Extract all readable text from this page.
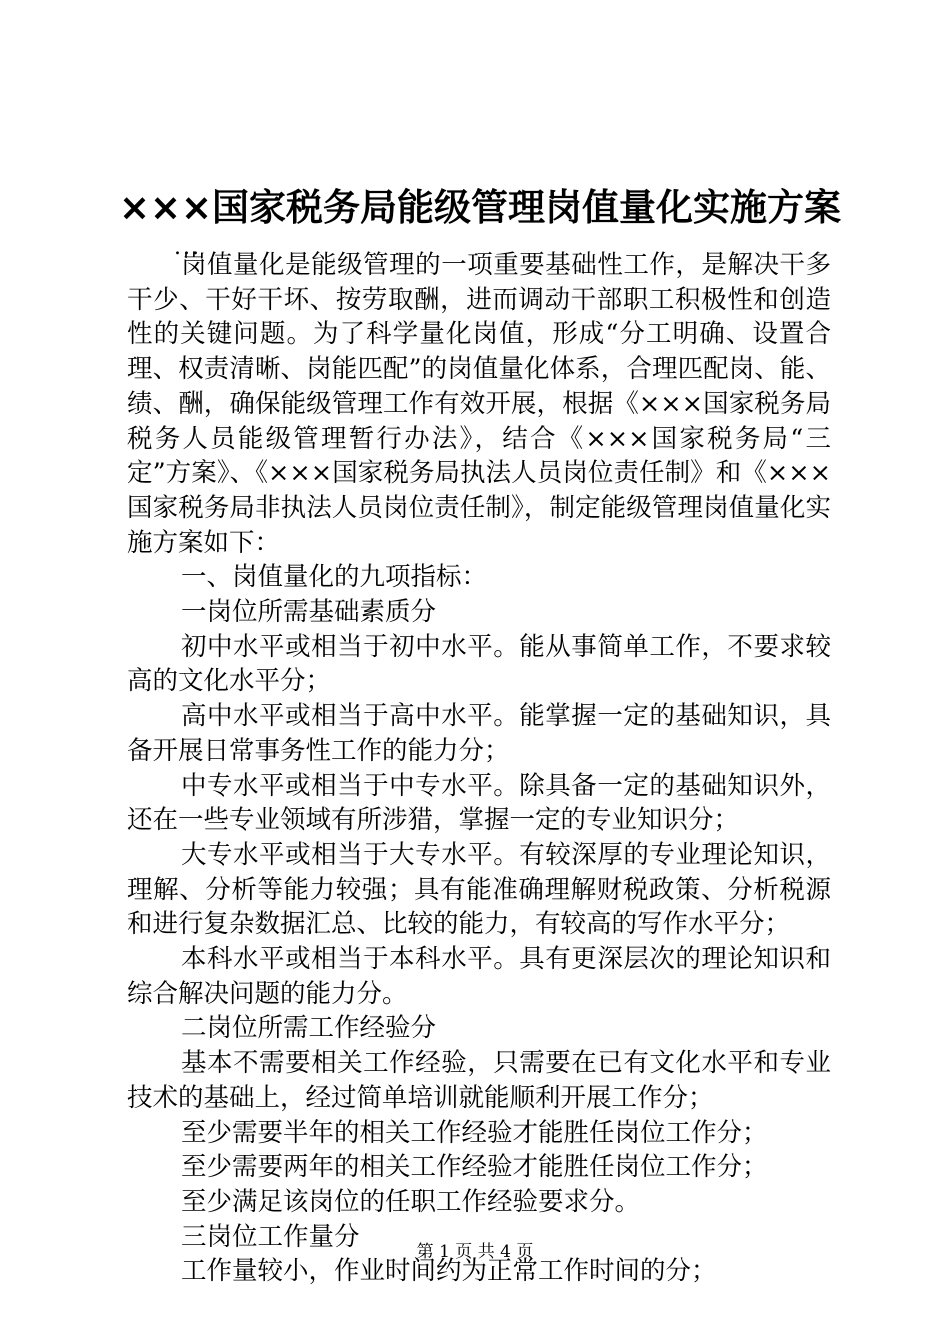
×××国家税务局能级管理岗值量化实施方案
...

岗值量化是能级管理的一项重要基础性工作，是解决干多干少、干好干坏、按劳取酬，进而调动干部职工积极性和创造性的关键问题。为了科学量化岗值，形成“分工明确、设置合理、权责清晰、岗能匹配”的岗值量化体系，合理匹配岗、能、绩、酬，确保能级管理工作有效开展，根据《×××国家税务局税务人员能级管理暂行办法》，结合《×××国家税务局“三定”方案》、《×××国家税务局执法人员岗位责任制》和《×××国家税务局非执法人员岗位责任制》，制定能级管理岗值量化实施方案如下：

一、岗值量化的九项指标：

一岗位所需基础素质分

初中水平或相当于初中水平。能从事简单工作，不要求较高的文化水平分；

高中水平或相当于高中水平。能掌握一定的基础知识，具备开展日常事务性工作的能力分；

中专水平或相当于中专水平。除具备一定的基础知识外，还在一些专业领域有所涉猎，掌握一定的专业知识分；

大专水平或相当于大专水平。有较深厚的专业理论知识，理解、分析等能力较强；具有能准确理解财税政策、分析税源和进行复杂数据汇总、比较的能力，有较高的写作水平分；

本科水平或相当于本科水平。具有更深层次的理论知识和综合解决问题的能力分。

二岗位所需工作经验分

基本不需要相关工作经验，只需要在已有文化水平和专业技术的基础上，经过简单培训就能顺利开展工作分；

至少需要半年的相关工作经验才能胜任岗位工作分；

至少需要两年的相关工作经验才能胜任岗位工作分；

至少满足该岗位的任职工作经验要求分。

三岗位工作量分

工作量较小，作业时间约为正常工作时间的分；

第 1 页 共 4 页
